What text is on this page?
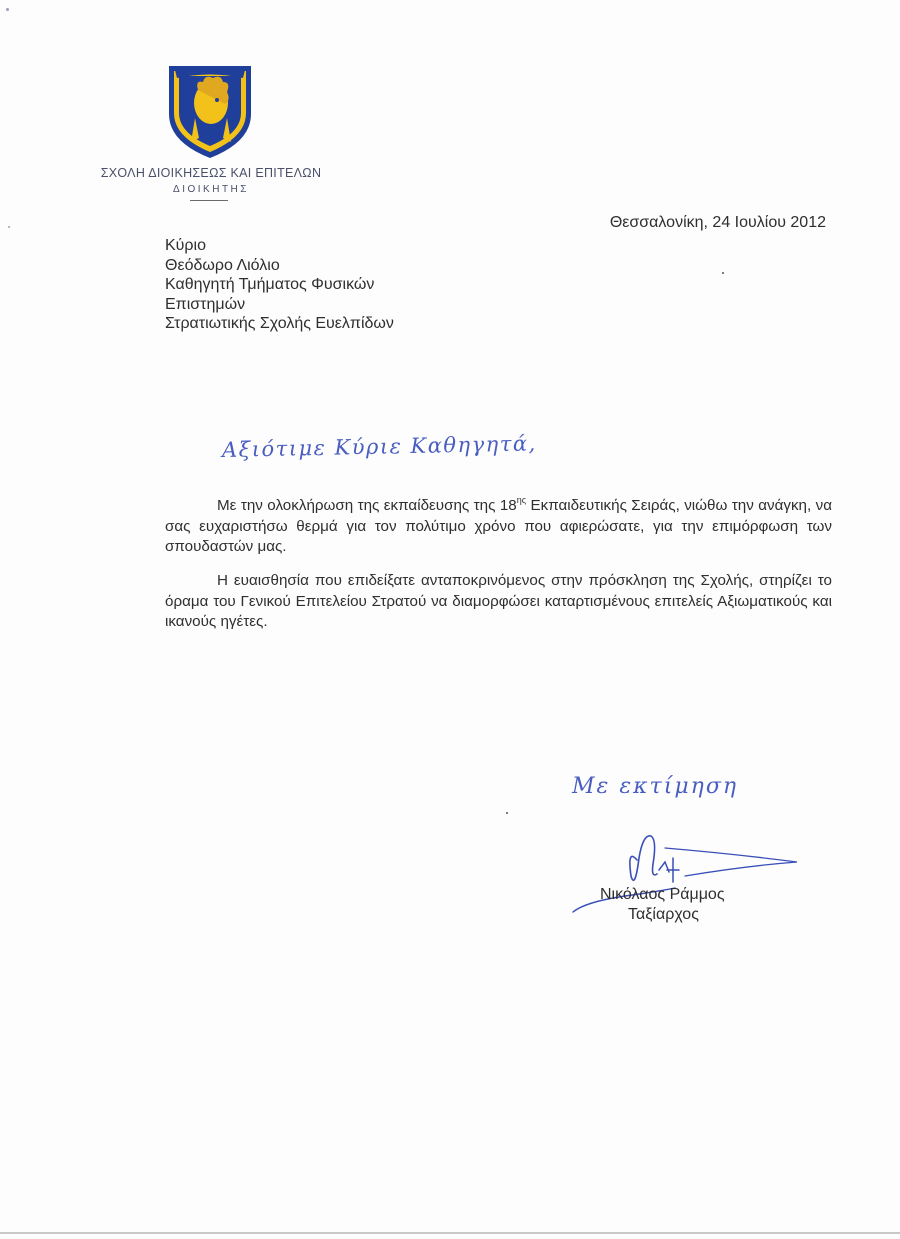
ΣΧΟΛΗ ΔΙΟΙΚΗΣΕΩΣ ΚΑΙ ΕΠΙΤΕΛΩΝ
ΔΙΟΙΚΗΤΗΣ
Θεσσαλονίκη, 24 Ιουλίου 2012
Κύριο
Θεόδωρο Λιόλιο
Καθηγητή Τμήματος Φυσικών
Επιστημών
Στρατιωτικής Σχολής Ευελπίδων
Αξιότιμε Κύριε Καθηγητά,
Με την ολοκλήρωση της εκπαίδευσης της $18^{\eta\varsigma}$ Εκπαιδευτικής Σειράς, νιώθω την ανάγκη, να σας ευχαριστήσω θερμά για τον πολύτιμο χρόνο που αφιερώσατε, για την επιμόρφωση των σπουδαστών μας.
Η ευαισθησία που επιδείξατε ανταποκρινόμενος στην πρόσκληση της Σχολής, στηρίζει το όραμα του Γενικού Επιτελείου Στρατού να διαμορφώσει καταρτισμένους επιτελείς Αξιωματικούς και ικανούς ηγέτες.
Με εκτίμηση
Νικόλαος Ράμμος
Ταξίαρχος
